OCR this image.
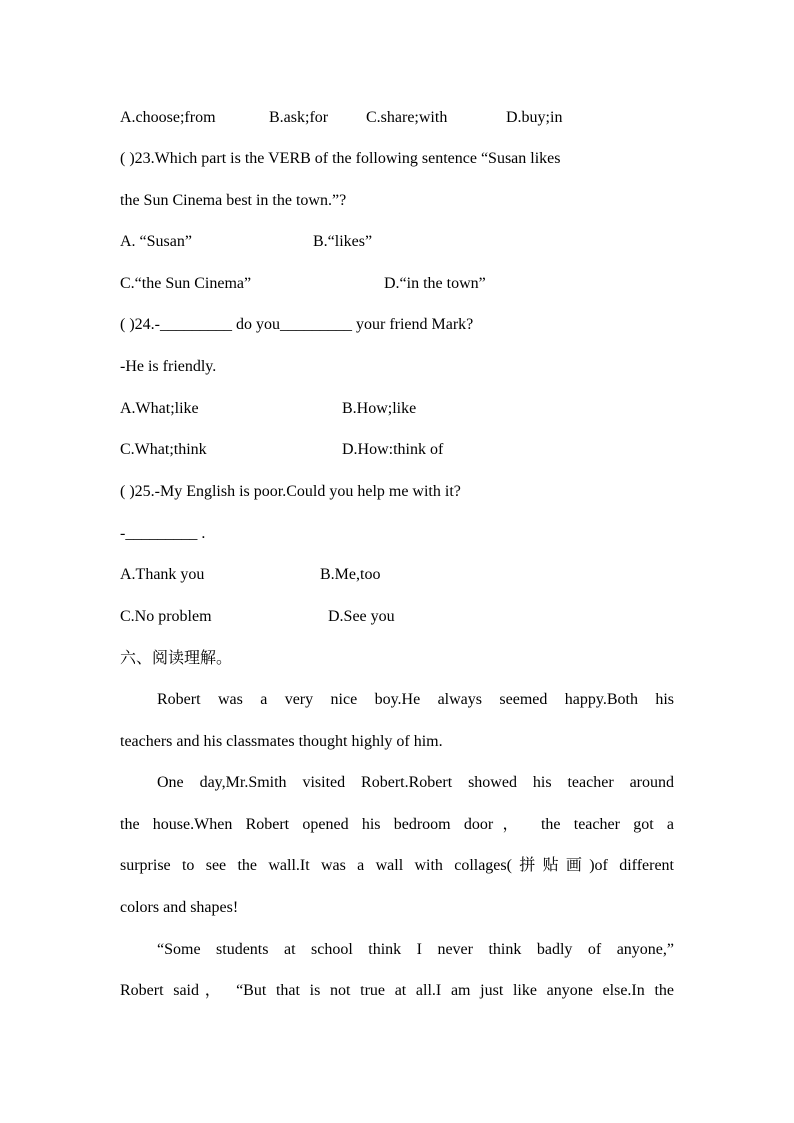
A.choose;from	B.ask;for C.share;with	D.buy;in
( )23.Which part is the VERB of the following sentence “Susan likes
the Sun Cinema best in the town.”?
A. “Susan”	B.“likes”
C.“the Sun Cinema”	D.“in the town”
( )24.-_________ do you_________ your friend Mark?
-He is friendly.
A.What;like	B.How;like
C.What;think	D.How:think of
( )25.-My English is poor.Could you help me with it?
-_________ .
A.Thank you	B.Me,too
C.No problem	D.See you
六、阅读理解。
Robert was a very nice boy.He always seemed happy.Both his
teachers and his classmates thought highly of him.
One day,Mr.Smith visited Robert.Robert showed his teacher around
the house.When Robert opened his bedroom door， the teacher got a
surprise to see the wall.It was a wall with collages(拼贴画)of different
colors and shapes!
“Some students at school think I never think badly of anyone,”
Robert said， “But that is not true at all.I am just like anyone else.In the
